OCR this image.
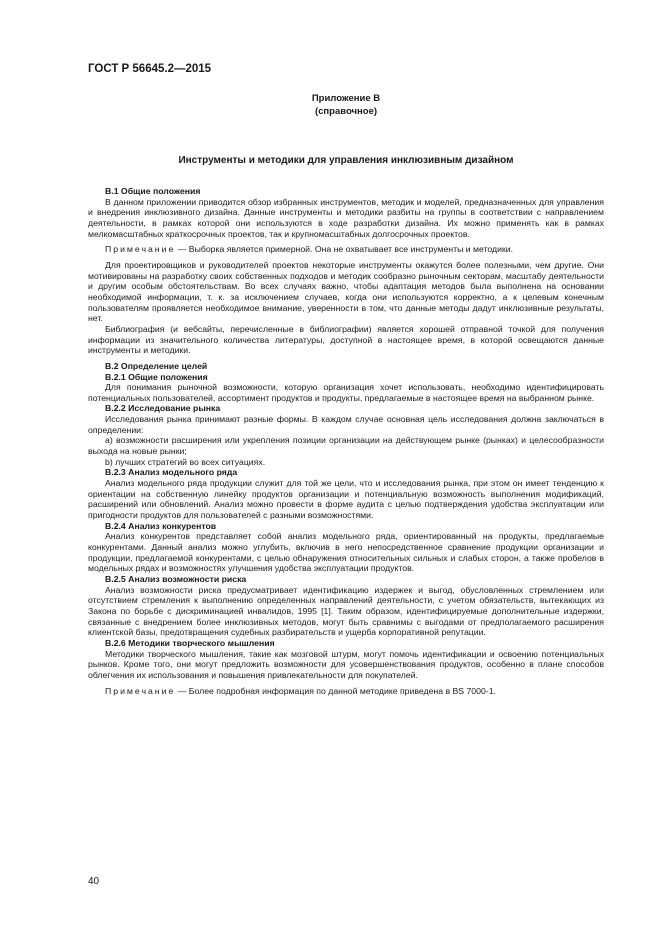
ГОСТ Р 56645.2—2015
Приложение В
(справочное)
Инструменты и методики для управления инклюзивным дизайном
В.1 Общие положения

В данном приложении приводится обзор избранных инструментов, методик и моделей, предназначенных для управления и внедрения инклюзивного дизайна. Данные инструменты и методики разбиты на группы в соответствии с направлением деятельности, в рамках которой они используются в ходе разработки дизайна. Их можно применять как в рамках мелкомасштабных краткосрочных проектов, так и крупномасштабных долгосрочных проектов.

Примечание — Выборка является примерной. Она не охватывает все инструменты и методики.

Для проектировщиков и руководителей проектов некоторые инструменты окажутся более полезными, чем другие. Они мотивированы на разработку своих собственных подходов и методик сообразно рыночным секторам, масштабу деятельности и другим особым обстоятельствам. Во всех случаях важно, чтобы адаптация методов была выполнена на основании необходимой информации, т. к. за исключением случаев, когда они используются корректно, а к целевым конечным пользователям проявляется необходимое внимание, уверенности в том, что данные методы дадут инклюзивные результаты, нет.

Библиография (и вебсайты, перечисленные в библиографии) является хорошей отправной точкой для получения информации из значительного количества литературы, доступной в настоящее время, в которой освещаются данные инструменты и методики.

В.2 Определение целей
В.2.1 Общие положения

Для понимания рыночной возможности, которую организация хочет использовать, необходимо идентифицировать потенциальных пользователей, ассортимент продуктов и продукты, предлагаемые в настоящее время на выбранном рынке.

В.2.2 Исследование рынка

Исследования рынка принимают разные формы. В каждом случае основная цель исследования должна заключаться в определении:

a) возможности расширения или укрепления позиции организации на действующем рынке (рынках) и целесообразности выхода на новые рынки;

b) лучших стратегий во всех ситуациях.

В.2.3 Анализ модельного ряда

Анализ модельного ряда продукции служит для той же цели, что и исследования рынка, при этом он имеет тенденцию к ориентации на собственную линейку продуктов организации и потенциальную возможность выполнения модификаций, расширений или обновлений. Анализ можно провести в форме аудита с целью подтверждения удобства эксплуатации или пригодности продуктов для пользователей с разными возможностями.

В.2.4 Анализ конкурентов

Анализ конкурентов представляет собой анализ модельного ряда, ориентированный на продукты, предлагаемые конкурентами. Данный анализ можно углубить, включив в него непосредственное сравнение продукции организации и продукции, предлагаемой конкурентами, с целью обнаружения относительных сильных и слабых сторон, а также пробелов в модельных рядах и возможностях улучшения удобства эксплуатации продуктов.

В.2.5 Анализ возможности риска

Анализ возможности риска предусматривает идентификацию издержек и выгод, обусловленных стремлением или отсутствием стремления к выполнению определенных направлений деятельности, с учетом обязательств, вытекающих из Закона по борьбе с дискриминацией инвалидов, 1995 [1]. Таким образом, идентифицируемые дополнительные издержки, связанные с внедрением более инклюзивных методов, могут быть сравнимы с выгодами от предполагаемого расширения клиентской базы, предотвращения судебных разбирательств и ущерба корпоративной репутации.

В.2.6 Методики творческого мышления

Методики творческого мышления, такие как мозговой штурм, могут помочь идентификации и освоению потенциальных рынков. Кроме того, они могут предложить возможности для усовершенствования продуктов, особенно в плане способов облегчения их использования и повышения привлекательности для покупателей.

Примечание — Более подробная информация по данной методике приведена в BS 7000-1.

40
